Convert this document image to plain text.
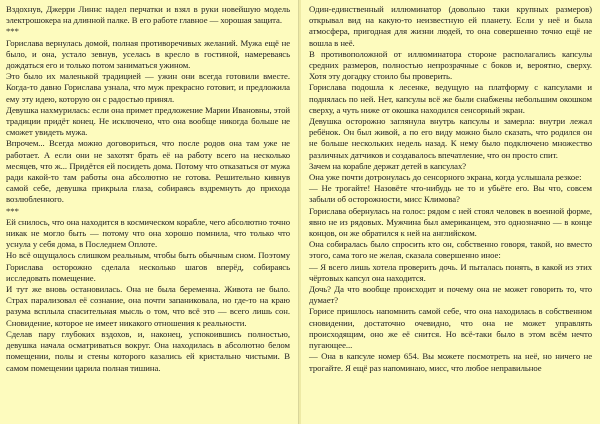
Вздохнув, Джерри Линнс надел перчатки и взял в руки новейшую модель электрошокера на длинной палке. В его работе главное — хорошая защита.

***

Горислава вернулась домой, полная противоречивых желаний. Мужа ещё не было, и она, устало зевнув, уселась в кресло в гостиной, намереваясь дождаться его и только потом заниматься ужином.

Это было их маленькой традицией — ужин они всегда готовили вместе. Когда-то давно Горислава узнала, что муж прекрасно готовит, и предложила ему эту идею, которую он с радостью принял.

Девушка нахмурилась: если она примет предложение Марии Ивановны, этой традиции придёт конец. Не исключено, что она вообще никогда больше не сможет увидеть мужа.

Впрочем... Всегда можно договориться, что после родов она там уже не работает. А если они не захотят брать её на работу всего на несколько месяцев, что ж... Придётся ей посидеть дома. Потому что отказаться от мужа ради какой-то там работы она абсолютно не готова. Решительно кивнув самой себе, девушка прикрыла глаза, собираясь вздремнуть до прихода возлюбленного.

***

Ей снилось, что она находится в космическом корабле, чего абсолютно точно никак не могло быть — потому что она хорошо помнила, что только что уснула у себя дома, в Последнем Оплоте.

Но всё ощущалось слишком реальным, чтобы быть обычным сном. Поэтому Горислава осторожно сделала несколько шагов вперёд, собираясь исследовать помещение.

И тут же вновь остановилась. Она не была беременна. Живота не было. Страх парализовал её сознание, она почти запаниковала, но где-то на краю разума всплыла спасительная мысль о том, что всё это — всего лишь сон. Сновидение, которое не имеет никакого отношения к реальности.

Сделав пару глубоких вздохов, и, наконец, успокоившись полностью, девушка начала осматриваться вокруг. Она находилась в абсолютно белом помещении, полы и стены которого казались ей кристально чистыми. В самом помещении царила полная тишина.

Один-единственный иллюминатор (довольно таки крупных размеров) открывал вид на какую-то неизвестную ей планету. Если у неё и была атмосфера, пригодная для жизни людей, то она совершенно точно ещё не вошла в неё.

В противоположной от иллюминатора стороне располагались капсулы средних размеров, полностью непрозрачные с боков и, вероятно, сверху. Хотя эту догадку стоило бы проверить.

Горислава подошла к лесенке, ведущую на платформу с капсулами и поднялась по ней. Нет, капсулы всё же были снабжены небольшим окошком сверху, а чуть ниже от окошка находился сенсорный экран.

Девушка осторожно заглянула внутрь капсулы и замерла: внутри лежал ребёнок. Он был живой, а по его виду можно было сказать, что родился он не больше нескольких недель назад. К нему было подключено множество различных датчиков и создавалось впечатление, что он просто спит.

Зачем на корабле держат детей в капсулах?

Она уже почти дотронулась до сенсорного экрана, когда услышала резкое:

— Не трогайте! Назовёте что-нибудь не то и убьёте его. Вы что, совсем забыли об осторожности, мисс Климова?

Горислава обернулась на голос: рядом с ней стоял человек в военной форме, явно не из рядовых. Мужчина был американцем, это однозначно — в конце концов, он же обратился к ней на английском.

Она собиралась было спросить кто он, собственно говоря, такой, но вместо этого, сама того не желая, сказала совершенно иное:

— Я всего лишь хотела проверить дочь. И пыталась понять, в какой из этих чёртовых капсул она находится.

Дочь? Да что вообще происходит и почему она не может говорить то, что думает?

Горисе пришлось напомнить самой себе, что она находилась в собственном сновидении, достаточно очевидно, что она не может управлять происходящим, оно же её снится. Но всё-таки было в этом всём нечто пугающее...

— Она в капсуле номер 654. Вы можете посмотреть на неё, но ничего не трогайте. Я ещё раз напоминаю, мисс, что любое неправильное
